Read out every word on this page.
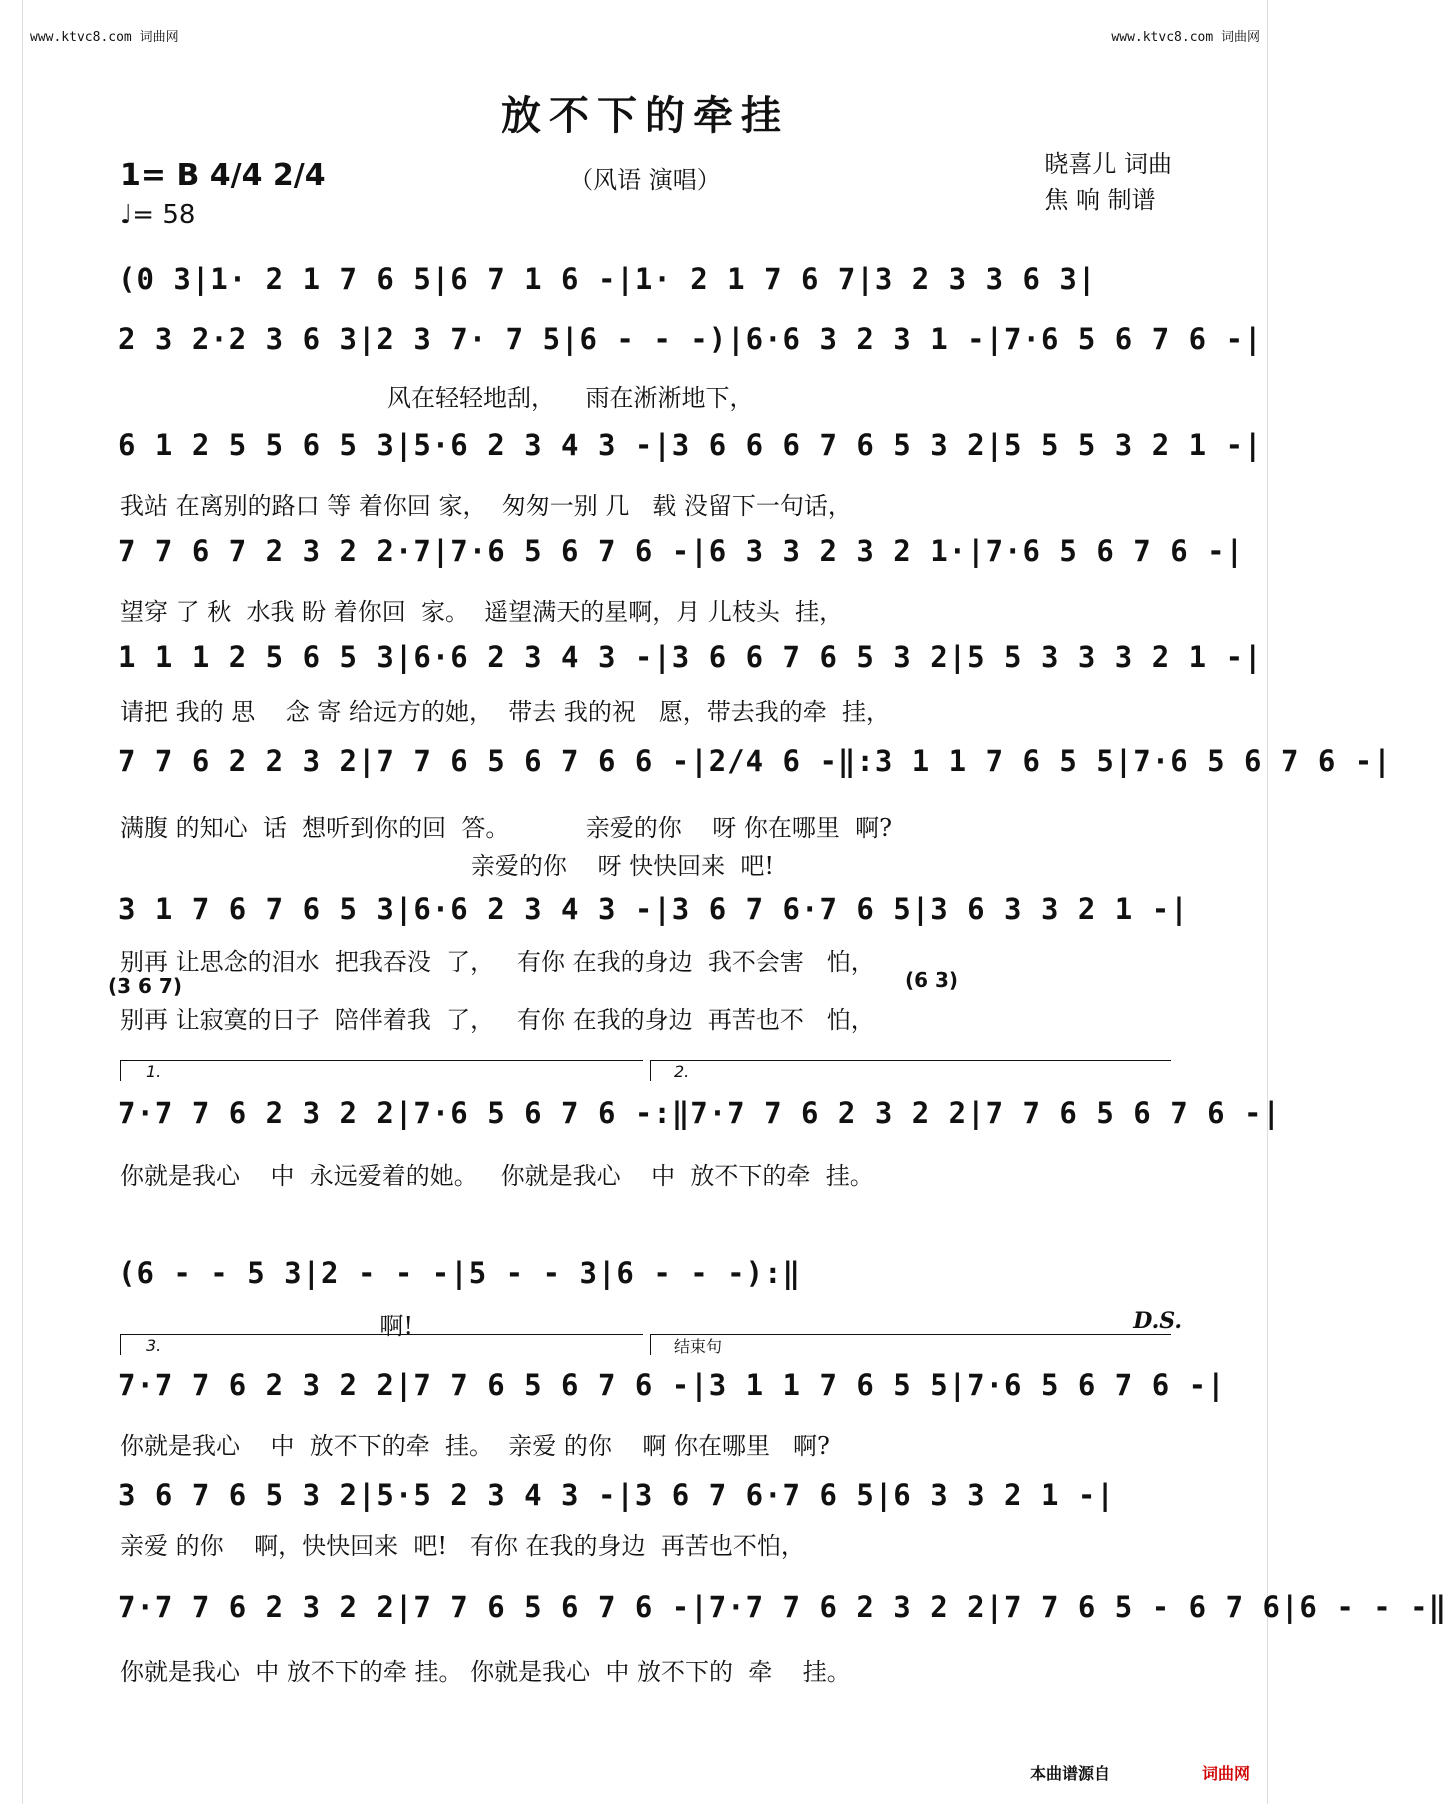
www.ktvc8.com 词曲网	www.ktvc8.com 词曲网
放不下的牵挂
（风语 演唱）
1= B 4/4 2/4
♩= 58
晓喜儿 词曲
焦 响 制谱
(0 3|1· 2 1 7 6 5|6 7 1 6 -|1· 2 1 7 6 7|3 2 3 3 6 3|
2 3 2·2 3 6 3|2 3 7· 7 5|6 - - -)|6·6 3 2 3 1 -|7·6 5 6 7 6 -|
风在轻轻地刮，    雨在淅淅地下，
6 1 2 5 5 6 5 3|5·6 2 3 4 3 -|3 6 6 6 7 6 5 3 2|5 5 5 3 2 1 -|
我站 在离别的路口 等 着你回 家，  匆匆一别 几   载 没留下一句话，
7 7 6 7 2 3 2 2·7|7·6 5 6 7 6 -|6 3 3 2 3 2 1·|7·6 5 6 7 6 -|
望穿 了 秋  水我 盼 着你回  家。  遥望满天的星啊，月 儿枝头  挂，
1 1 1 2 5 6 5 3|6·6 2 3 4 3 -|3 6 6 7 6 5 3 2|5 5 3 3 3 2 1 -|
请把 我的 思    念 寄 给远方的她，  带去 我的祝   愿，带去我的牵  挂，
7 7 6 2 2 3 2|7 7 6 5 6 7 6 6 -|2/4 6 -‖:3 1 1 7 6 5 5|7·6 5 6 7 6 -|
满腹 的知心  话  想听到你的回  答。          亲爱的你    呀 你在哪里  啊?
亲爱的你    呀 快快回来  吧!
3 1 7 6 7 6 5 3|6·6 2 3 4 3 -|3 6 7 6·7 6 5|3 6 3 3 2 1 -|
别再 让思念的泪水  把我吞没  了，   有你 在我的身边  我不会害   怕，
(3 6 7)	(6 3)
别再 让寂寞的日子  陪伴着我  了，   有你 在我的身边  再苦也不   怕，
1.	2.
7·7 7 6 2 3 2 2|7·6 5 6 7 6 -:‖7·7 7 6 2 3 2 2|7 7 6 5 6 7 6 -|
你就是我心    中  永远爱着的她。   你就是我心    中  放不下的牵  挂。
(6 - - 5 3|2 - - -|5 - - 3|6 - - -):‖
啊!	D.S.
3.	结束句
7·7 7 6 2 3 2 2|7 7 6 5 6 7 6 -|3 1 1 7 6 5 5|7·6 5 6 7 6 -|
你就是我心    中  放不下的牵  挂。  亲爱 的你    啊 你在哪里   啊?
3 6 7 6 5 3 2|5·5 2 3 4 3 -|3 6 7 6·7 6 5|6 3 3 2 1 -|
亲爱 的你    啊，快快回来  吧!   有你 在我的身边  再苦也不怕，
7·7 7 6 2 3 2 2|7 7 6 5 6 7 6 -|7·7 7 6 2 3 2 2|7 7 6 5 - 6 7 6|6 - - -‖
你就是我心  中 放不下的牵 挂。 你就是我心  中 放不下的  牵    挂。
本曲谱源自	词曲网
